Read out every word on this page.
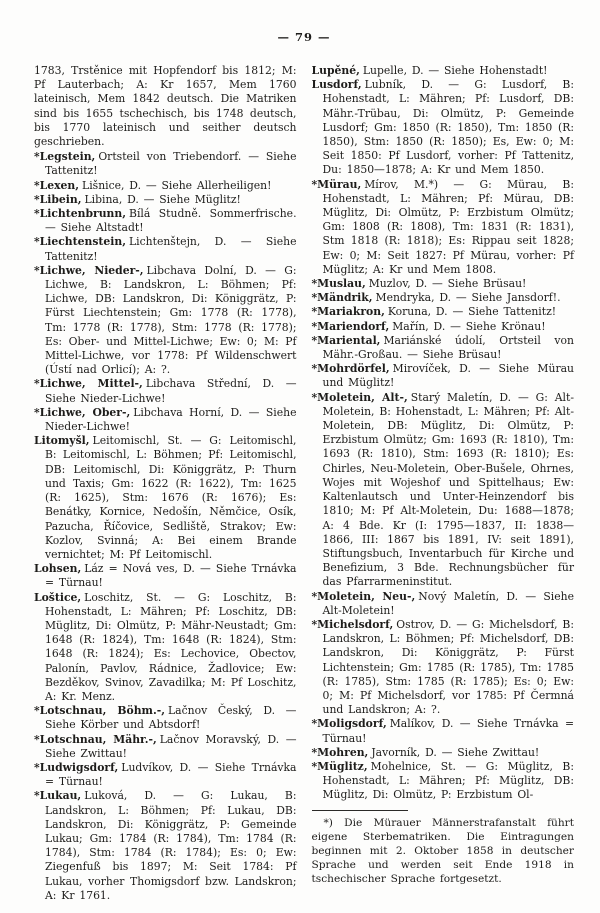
— 79 —

1783, Trstěnice mit Hopfendorf bis 1812; M: Pf Lauterbach; A: Kr 1657, Mem 1760 lateinisch, Mem 1842 deutsch. Die Matriken sind bis 1655 tschechisch, bis 1748 deutsch, bis 1770 lateinisch und seither deutsch geschrieben.

*Legstein, Ortsteil von Triebendorf. — Siehe Tattenitz!

*Lexen, Lišnice, D. — Siehe Allerheiligen!

*Libein, Libina, D. — Siehe Müglitz!

*Lichtenbrunn, Bílá Studně. Sommerfrische. — Siehe Altstadt!

*Liechtenstein, Lichtenštejn, D. — Siehe Tattenitz!

*Lichwe, Nieder-, Libchava Dolní, D. — G: Lichwe, B: Landskron, L: Böhmen; Pf: Lichwe, DB: Landskron, Di: Königgrätz, P: Fürst Liechtenstein; Gm: 1778 (R: 1778), Tm: 1778 (R: 1778), Stm: 1778 (R: 1778); Es: Ober- und Mittel-Lichwe; Ew: 0; M: Pf Mittel-Lichwe, vor 1778: Pf Wildenschwert (Ústí nad Orlicí); A: ?.

*Lichwe, Mittel-, Libchava Střední, D. — Siehe Nieder-Lichwe!

*Lichwe, Ober-, Libchava Horní, D. — Siehe Nieder-Lichwe!

Litomyšl, Leitomischl, St. — G: Leitomischl, B: Leitomischl, L: Böhmen; Pf: Leitomischl, DB: Leitomischl, Di: Königgrätz, P: Thurn und Taxis; Gm: 1622 (R: 1622), Tm: 1625 (R: 1625), Stm: 1676 (R: 1676); Es: Benátky, Kornice, Nedošín, Němčice, Osík, Pazucha, Říčovice, Sedliště, Strakov; Ew: Kozlov, Svinná; A: Bei einem Brande vernichtet; M: Pf Leitomischl.

Lohsen, Láz = Nová ves, D. — Siehe Trnávka = Türnau!

Loštice, Loschitz, St. — G: Loschitz, B: Hohenstadt, L: Mähren; Pf: Loschitz, DB: Müglitz, Di: Olmütz, P: Mähr-Neustadt; Gm: 1648 (R: 1824), Tm: 1648 (R: 1824), Stm: 1648 (R: 1824); Es: Lechovice, Obectov, Palonín, Pavlov, Rádnice, Žadlovice; Ew: Bezděkov, Svinov, Zavadilka; M: Pf Loschitz, A: Kr. Menz.

*Lotschnau, Böhm.-, Lačnov Český, D. — Siehe Körber und Abtsdorf!

*Lotschnau, Mähr.-, Lačnov Moravský, D. — Siehe Zwittau!

*Ludwigsdorf, Ludvíkov, D. — Siehe Trnávka = Türnau!

*Lukau, Luková, D. — G: Lukau, B: Landskron, L: Böhmen; Pf: Lukau, DB: Landskron, Di: Königgrätz, P: Gemeinde Lukau; Gm: 1784 (R: 1784), Tm: 1784 (R: 1784), Stm: 1784 (R: 1784); Es: 0; Ew: Ziegenfuß bis 1897; M: Seit 1784: Pf Lukau, vorher Thomigsdorf bzw. Landskron; A: Kr 1761.

Lupěné, Lupelle, D. — Siehe Hohenstadt!

Lusdorf, Lubník, D. — G: Lusdorf, B: Hohenstadt, L: Mähren; Pf: Lusdorf, DB: Mähr.-Trübau, Di: Olmütz, P: Gemeinde Lusdorf; Gm: 1850 (R: 1850), Tm: 1850 (R: 1850), Stm: 1850 (R: 1850); Es, Ew: 0; M: Seit 1850: Pf Lusdorf, vorher: Pf Tattenitz, Du: 1850—1878; A: Kr und Mem 1850.

*Mürau, Mírov, M.*) — G: Mürau, B: Hohenstadt, L: Mähren; Pf: Mürau, DB: Müglitz, Di: Olmütz, P: Erzbistum Olmütz; Gm: 1808 (R: 1808), Tm: 1831 (R: 1831), Stm 1818 (R: 1818); Es: Rippau seit 1828; Ew: 0; M: Seit 1827: Pf Mürau, vorher: Pf Müglitz; A: Kr und Mem 1808.

*Muslau, Muzlov, D. — Siehe Brüsau!

*Mändrik, Mendryka, D. — Siehe Jansdorf!.

*Mariakron, Koruna, D. — Siehe Tattenitz!

*Mariendorf, Mařín, D. — Siehe Krönau!

*Mariental, Mariánské údolí, Ortsteil von Mähr.-Großau. — Siehe Brüsau!

*Mohrdörfel, Mirovíček, D. — Siehe Mürau und Müglitz!

*Moletein, Alt-, Starý Maletín, D. — G: Alt-Moletein, B: Hohenstadt, L: Mähren; Pf: Alt-Moletein, DB: Müglitz, Di: Olmütz, P: Erzbistum Olmütz; Gm: 1693 (R: 1810), Tm: 1693 (R: 1810), Stm: 1693 (R: 1810); Es: Chirles, Neu-Moletein, Ober-Bušele, Ohrnes, Wojes mit Wojeshof und Spittelhaus; Ew: Kaltenlautsch und Unter-Heinzendorf bis 1810; M: Pf Alt-Moletein, Du: 1688—1878; A: 4 Bde. Kr (I: 1795—1837, II: 1838—1866, III: 1867 bis 1891, IV: seit 1891), Stiftungsbuch, Inventarbuch für Kirche und Benefizium, 3 Bde. Rechnungsbücher für das Pfarrarmeninstitut.

*Moletein, Neu-, Nový Maletín, D. — Siehe Alt-Moletein!

*Michelsdorf, Ostrov, D. — G: Michelsdorf, B: Landskron, L: Böhmen; Pf: Michelsdorf, DB: Landskron, Di: Königgrätz, P: Fürst Lichtenstein; Gm: 1785 (R: 1785), Tm: 1785 (R: 1785), Stm: 1785 (R: 1785); Es: 0; Ew: 0; M: Pf Michelsdorf, vor 1785: Pf Čermná und Landskron; A: ?.

*Moligsdorf, Malíkov, D. — Siehe Trnávka = Türnau!

*Mohren, Javorník, D. — Siehe Zwittau!

*Müglitz, Mohelnice, St. — G: Müglitz, B: Hohenstadt, L: Mähren; Pf: Müglitz, DB: Müglitz, Di: Olmütz, P: Erzbistum Ol-

*) Die Mürauer Männerstrafanstalt führt eigene Sterbematriken. Die Eintragungen beginnen mit 2. Oktober 1858 in deutscher Sprache und werden seit Ende 1918 in tschechischer Sprache fortgesetzt.
